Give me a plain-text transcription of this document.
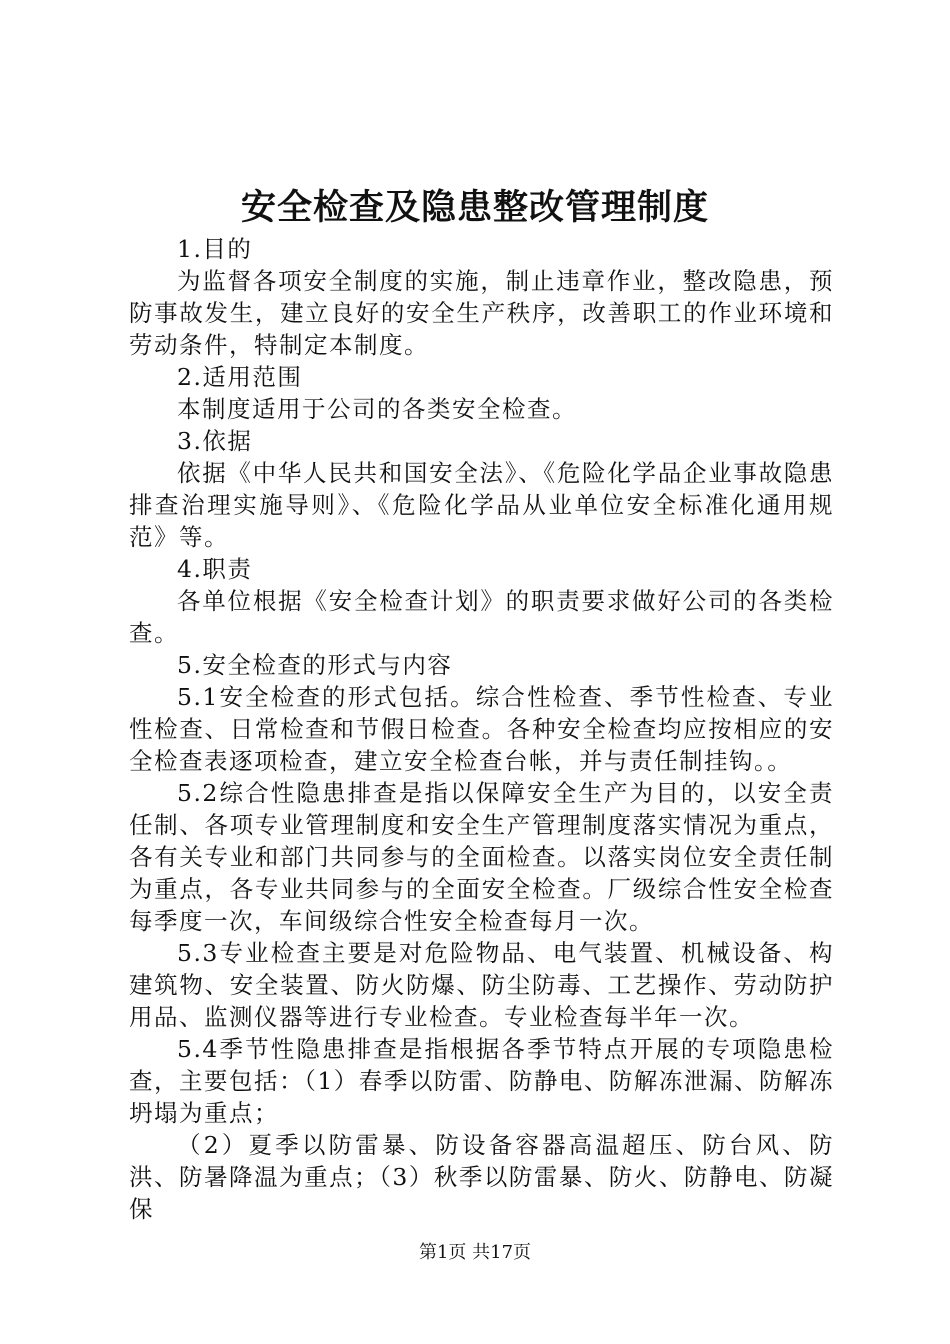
安全检查及隐患整改管理制度

1.目的

为监督各项安全制度的实施，制止违章作业，整改隐患，预防事故发生，建立良好的安全生产秩序，改善职工的作业环境和劳动条件，特制定本制度。

2.适用范围

本制度适用于公司的各类安全检查。

3.依据

依据《中华人民共和国安全法》、《危险化学品企业事故隐患排查治理实施导则》、《危险化学品从业单位安全标准化通用规范》等。

4.职责

各单位根据《安全检查计划》的职责要求做好公司的各类检查。

5.安全检查的形式与内容

5.1安全检查的形式包括。综合性检查、季节性检查、专业性检查、日常检查和节假日检查。各种安全检查均应按相应的安全检查表逐项检查，建立安全检查台帐，并与责任制挂钩。。

5.2综合性隐患排查是指以保障安全生产为目的，以安全责任制、各项专业管理制度和安全生产管理制度落实情况为重点，各有关专业和部门共同参与的全面检查。以落实岗位安全责任制为重点，各专业共同参与的全面安全检查。厂级综合性安全检查每季度一次，车间级综合性安全检查每月一次。

5.3专业检查主要是对危险物品、电气装置、机械设备、构建筑物、安全装置、防火防爆、防尘防毒、工艺操作、劳动防护用品、监测仪器等进行专业检查。专业检查每半年一次。

5.4季节性隐患排查是指根据各季节特点开展的专项隐患检查，主要包括：（1）春季以防雷、防静电、防解冻泄漏、防解冻坍塌为重点；

（2）夏季以防雷暴、防设备容器高温超压、防台风、防洪、防暑降温为重点；（3）秋季以防雷暴、防火、防静电、防凝保

第1页 共17页
